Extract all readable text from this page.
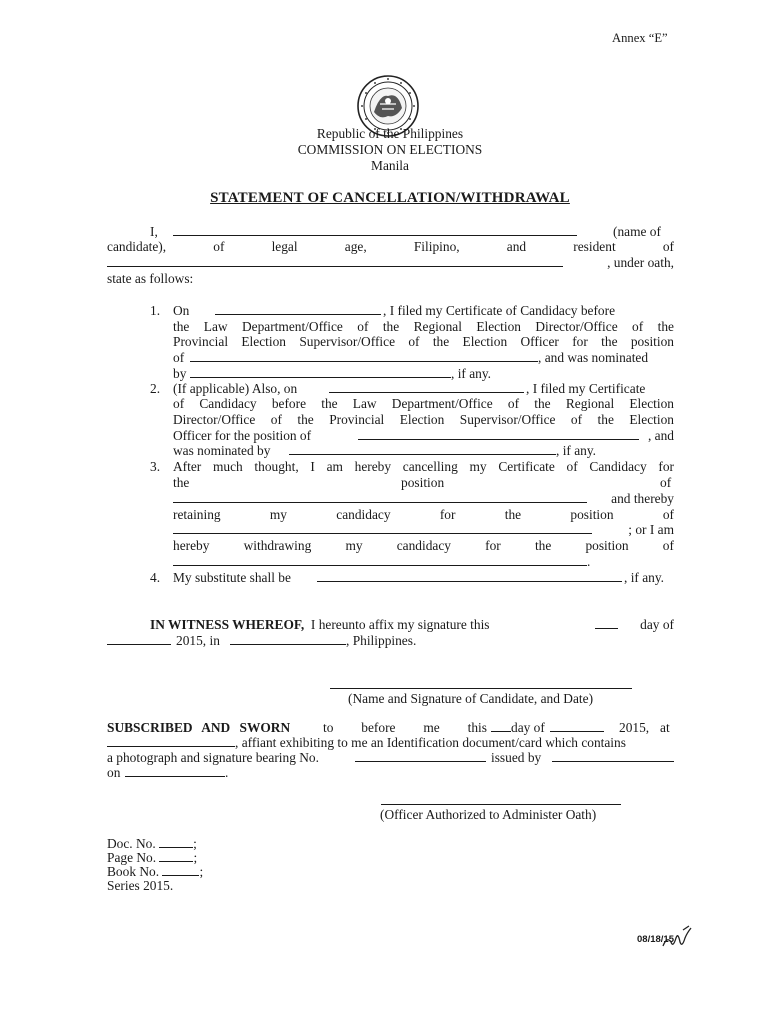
Annex “E”
Republic of the Philippines
COMMISSION ON ELECTIONS
Manila
STATEMENT OF CANCELLATION/WITHDRAWAL
I,	(name of
candidate),	of	legal	age,	Filipino,	and	resident	of
, under oath,
state as follows:
1. On	, I filed my Certificate of Candidacy before
the Law Department/Office of the Regional Election Director/Office of the
Provincial Election Supervisor/Office of the Election Officer for the position
of	, and was nominated
by	, if any.
2. (If applicable) Also, on	, I filed my Certificate
of Candidacy before the Law Department/Office of the Regional Election
Director/Office of the Provincial Election Supervisor/Office of the Election
Officer for the position of	, and
was nominated by	, if any.
3. After much thought, I am hereby cancelling my Certificate of Candidacy for
the	position	of
and thereby
retaining	my	candidacy	for	the	position	of
; or I am
hereby	withdrawing	my	candidacy	for	the	position	of
.
4. My substitute shall be	, if any.
IN WITNESS WHEREOF, I hereunto affix my signature this	day of
2015, in	, Philippines.
(Name and Signature of Candidate, and Date)
SUBSCRIBED AND SWORN to before me this	day of	2015, at
, affiant exhibiting to me an Identification document/card which contains
a photograph and signature bearing No.	issued by
on	.
(Officer Authorized to Administer Oath)
Doc. No.	;
Page No.	;
Book No.	;
Series 2015.
08/18/15
